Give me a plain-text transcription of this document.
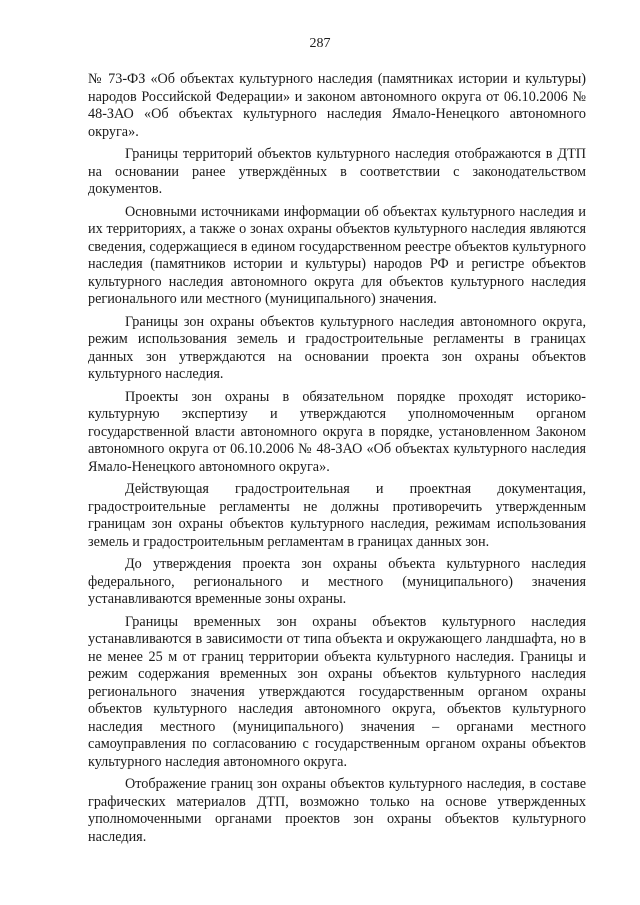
287

№ 73-ФЗ «Об объектах культурного наследия (памятниках истории и культуры) народов Российской Федерации» и законом автономного округа от 06.10.2006 № 48-ЗАО «Об объектах культурного наследия Ямало-Ненецкого автономного округа».

Границы территорий объектов культурного наследия отображаются в ДТП на основании ранее утверждённых в соответствии с законодательством документов.

Основными источниками информации об объектах культурного наследия и их территориях, а также о зонах охраны объектов культурного наследия являются сведения, содержащиеся в едином государственном реестре объектов культурного наследия (памятников истории и культуры) народов РФ и регистре объектов культурного наследия автономного округа для объектов культурного наследия регионального или местного (муниципального) значения.

Границы зон охраны объектов культурного наследия автономного округа, режим использования земель и градостроительные регламенты в границах данных зон утверждаются на основании проекта зон охраны объектов культурного наследия.

Проекты зон охраны в обязательном порядке проходят историко-культурную экспертизу и утверждаются уполномоченным органом государственной власти автономного округа в порядке, установленном Законом автономного округа от 06.10.2006 № 48-ЗАО «Об объектах культурного наследия Ямало-Ненецкого автономного округа».

Действующая градостроительная и проектная документация, градостроительные регламенты не должны противоречить утвержденным границам зон охраны объектов культурного наследия, режимам использования земель и градостроительным регламентам в границах данных зон.

До утверждения проекта зон охраны объекта культурного наследия федерального, регионального и местного (муниципального) значения устанавливаются временные зоны охраны.

Границы временных зон охраны объектов культурного наследия устанавливаются в зависимости от типа объекта и окружающего ландшафта, но в не менее 25 м от границ территории объекта культурного наследия. Границы и режим содержания временных зон охраны объектов культурного наследия регионального значения утверждаются государственным органом охраны объектов культурного наследия автономного округа, объектов культурного наследия местного (муниципального) значения – органами местного самоуправления по согласованию с государственным органом охраны объектов культурного наследия автономного округа.

Отображение границ зон охраны объектов культурного наследия, в составе графических материалов ДТП, возможно только на основе утвержденных уполномоченными органами проектов зон охраны объектов культурного наследия.
